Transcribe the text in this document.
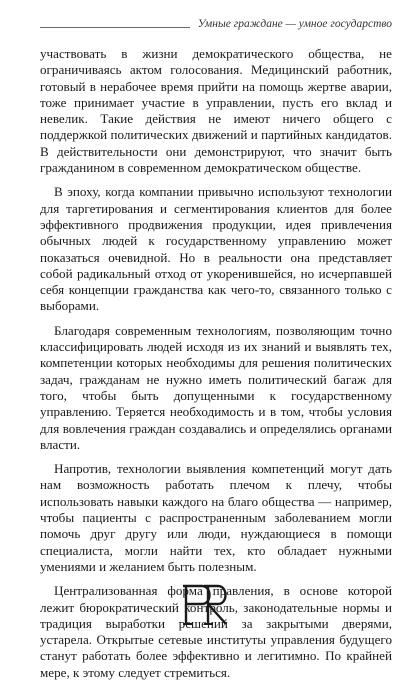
Умные граждане — умное государство

участвовать в жизни демократического общества, не ограничиваясь актом голосования. Медицинский работник, готовый в нерабочее время прийти на помощь жертве аварии, тоже принимает участие в управлении, пусть его вклад и невелик. Такие действия не имеют ничего общего с поддержкой политических движений и партийных кандидатов. В действительности они демонстрируют, что значит быть гражданином в современном демократическом обществе.

В эпоху, когда компании привычно используют технологии для таргетирования и сегментирования клиентов для более эффективного продвижения продукции, идея привлечения обычных людей к государственному управлению может показаться очевидной. Но в реальности она представляет собой радикальный отход от укоренившейся, но исчерпавшей себя концепции гражданства как чего-то, связанного только с выборами.

Благодаря современным технологиям, позволяющим точно классифицировать людей исходя из их знаний и выявлять тех, компетенции которых необходимы для решения политических задач, гражданам не нужно иметь политический багаж для того, чтобы быть допущенными к государственному управлению. Теряется необходимость и в том, чтобы условия для вовлечения граждан создавались и определялись органами власти.

Напротив, технологии выявления компетенций могут дать нам возможность работать плечом к плечу, чтобы использовать навыки каждого на благо общества — например, чтобы пациенты с распространенным заболеванием могли помочь друг другу или люди, нуждающиеся в помощи специалиста, могли найти тех, кто обладает нужными умениями и желанием быть полезным.

Централизованная форма правления, в основе которой лежит бюрократический контроль, законодательные нормы и традиция выработки решений за закрытыми дверями, устарела. Открытые сетевые институты управления будущего станут работать более эффективно и легитимно. По крайней мере, к этому следует стремиться.
